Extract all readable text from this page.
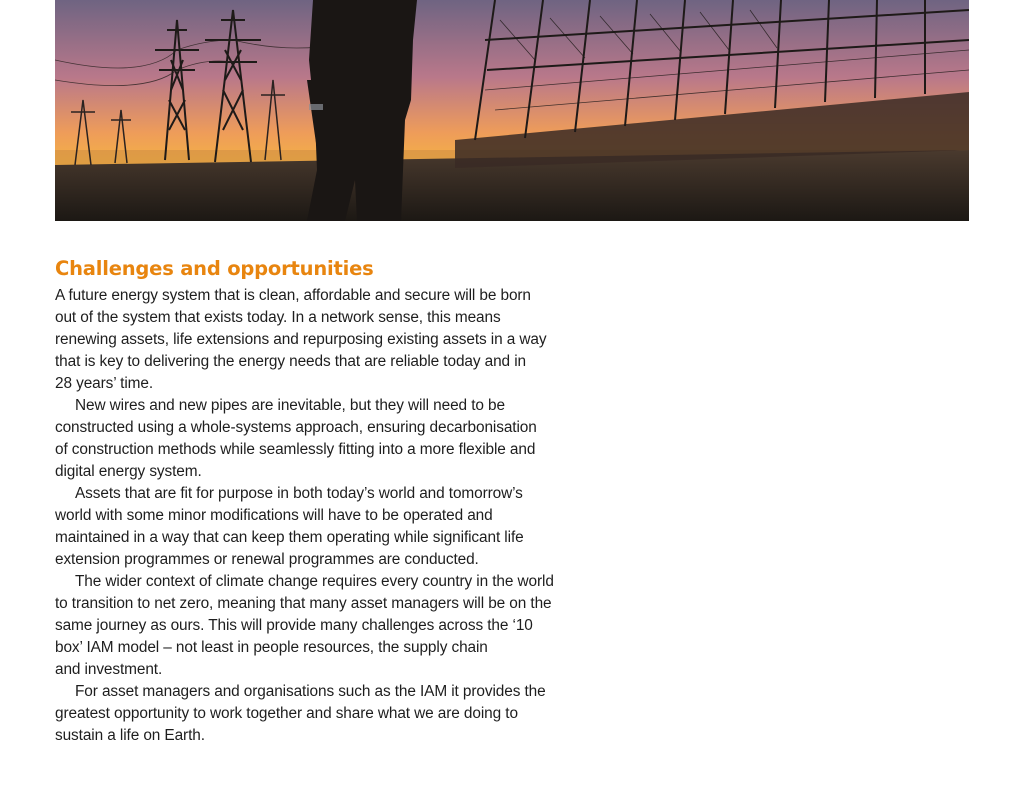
Challenges and opportunities

A future energy system that is clean, affordable and secure will be born
out of the system that exists today. In a network sense, this means
renewing assets, life extensions and repurposing existing assets in a way
that is key to delivering the energy needs that are reliable today and in
28 years’ time.

New wires and new pipes are inevitable, but they will need to be
constructed using a whole-systems approach, ensuring decarbonisation
of construction methods while seamlessly fitting into a more flexible and
digital energy system.

Assets that are fit for purpose in both today’s world and tomorrow’s
world with some minor modifications will have to be operated and
maintained in a way that can keep them operating while significant life
extension programmes or renewal programmes are conducted.

The wider context of climate change requires every country in the world
to transition to net zero, meaning that many asset managers will be on the
same journey as ours. This will provide many challenges across the ‘10
box’ IAM model – not least in people resources, the supply chain
and investment.

For asset managers and organisations such as the IAM it provides the
greatest opportunity to work together and share what we are doing to
sustain a life on Earth.
